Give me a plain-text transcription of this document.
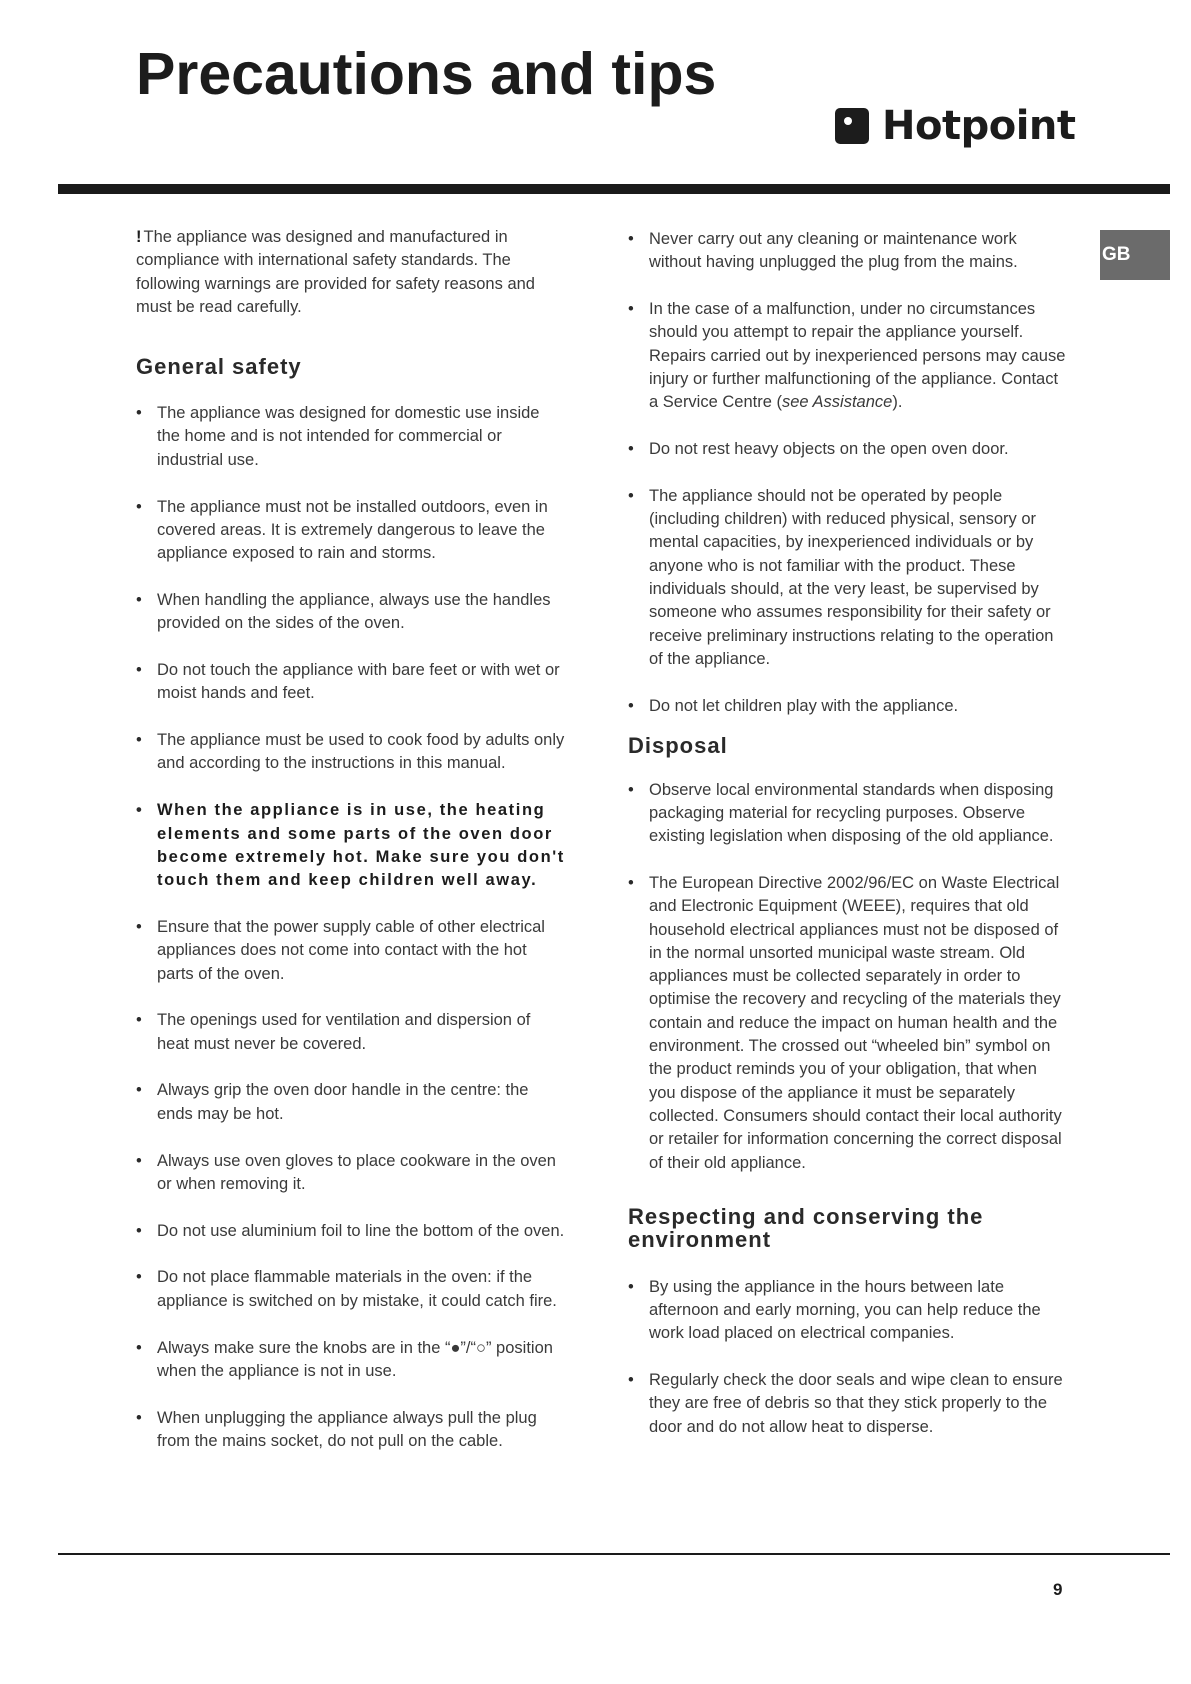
Precautions and tips
Hotpoint
GB

! The appliance was designed and manufactured in compliance with international safety standards. The following warnings are provided for safety reasons and must be read carefully.

General safety
• The appliance was designed for domestic use inside the home and is not intended for commercial or industrial use.
• The appliance must not be installed outdoors, even in covered areas. It is extremely dangerous to leave the appliance exposed to rain and storms.
• When handling the appliance, always use the handles provided on the sides of the oven.
• Do not touch the appliance with bare feet or with wet or moist hands and feet.
• The appliance must be used to cook food by adults only and according to the instructions in this manual.
• When the appliance is in use, the heating elements and some parts of the oven door become extremely hot. Make sure you don't touch them and keep children well away.
• Ensure that the power supply cable of other electrical appliances does not come into contact with the hot parts of the oven.
• The openings used for ventilation and dispersion of heat must never be covered.
• Always grip the oven door handle in the centre: the ends may be hot.
• Always use oven gloves to place cookware in the oven or when removing it.
• Do not use aluminium foil to line the bottom of the oven.
• Do not place flammable materials in the oven: if the appliance is switched on by mistake, it could catch fire.
• Always make sure the knobs are in the “●”/“○” position when the appliance is not in use.
• When unplugging the appliance always pull the plug from the mains socket, do not pull on the cable.
• Never carry out any cleaning or maintenance work without having unplugged the plug from the mains.
• In the case of a malfunction, under no circumstances should you attempt to repair the appliance yourself. Repairs carried out by inexperienced persons may cause injury or further malfunctioning of the appliance. Contact a Service Centre (see Assistance).
• Do not rest heavy objects on the open oven door.
• The appliance should not be operated by people (including children) with reduced physical, sensory or mental capacities, by inexperienced individuals or by anyone who is not familiar with the product. These individuals should, at the very least, be supervised by someone who assumes responsibility for their safety or receive preliminary instructions relating to the operation of the appliance.
• Do not let children play with the appliance.
Disposal
• Observe local environmental standards when disposing packaging material for recycling purposes. Observe existing legislation when disposing of the old appliance.
• The European Directive 2002/96/EC on Waste Electrical and Electronic Equipment (WEEE), requires that old household electrical appliances must not be disposed of in the normal unsorted municipal waste stream. Old appliances must be collected separately in order to optimise the recovery and recycling of the materials they contain and reduce the impact on human health and the environment. The crossed out “wheeled bin” symbol on the product reminds you of your obligation, that when you dispose of the appliance it must be separately collected. Consumers should contact their local authority or retailer for information concerning the correct disposal of their old appliance.
Respecting and conserving the environment
• By using the appliance in the hours between late afternoon and early morning, you can help reduce the work load placed on electrical companies.
• Regularly check the door seals and wipe clean to ensure they are free of debris so that they stick properly to the door and do not allow heat to disperse.
9
